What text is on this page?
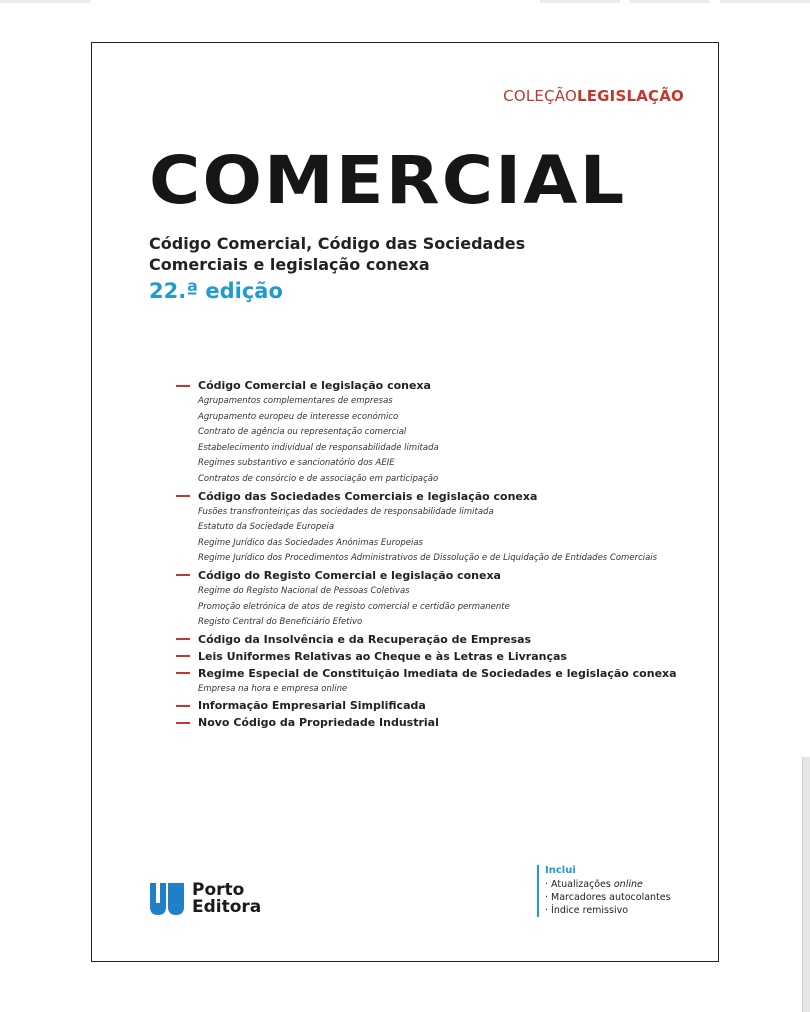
COLEÇÃOLEGISLAÇÃO
COMERCIAL
Código Comercial, Código das Sociedades
Comerciais e legislação conexa
22.ª edição
Código Comercial e legislação conexa
Agrupamentos complementares de empresas
Agrupamento europeu de interesse económico
Contrato de agência ou representação comercial
Estabelecimento individual de responsabilidade limitada
Regimes substantivo e sancionatório dos AEIE
Contratos de consórcio e de associação em participação
Código das Sociedades Comerciais e legislação conexa
Fusões transfronteiriças das sociedades de responsabilidade limitada
Estatuto da Sociedade Europeia
Regime Jurídico das Sociedades Anónimas Europeias
Regime Jurídico dos Procedimentos Administrativos de Dissolução e de Liquidação de Entidades Comerciais
Código do Registo Comercial e legislação conexa
Regime do Registo Nacional de Pessoas Coletivas
Promoção eletrónica de atos de registo comercial e certidão permanente
Registo Central do Beneficiário Efetivo
Código da Insolvência e da Recuperação de Empresas
Leis Uniformes Relativas ao Cheque e às Letras e Livranças
Regime Especial de Constituição Imediata de Sociedades e legislação conexa
Empresa na hora e empresa online
Informação Empresarial Simplificada
Novo Código da Propriedade Industrial
Porto
Editora
Inclui
· Atualizações online
· Marcadores autocolantes
· Índice remissivo
